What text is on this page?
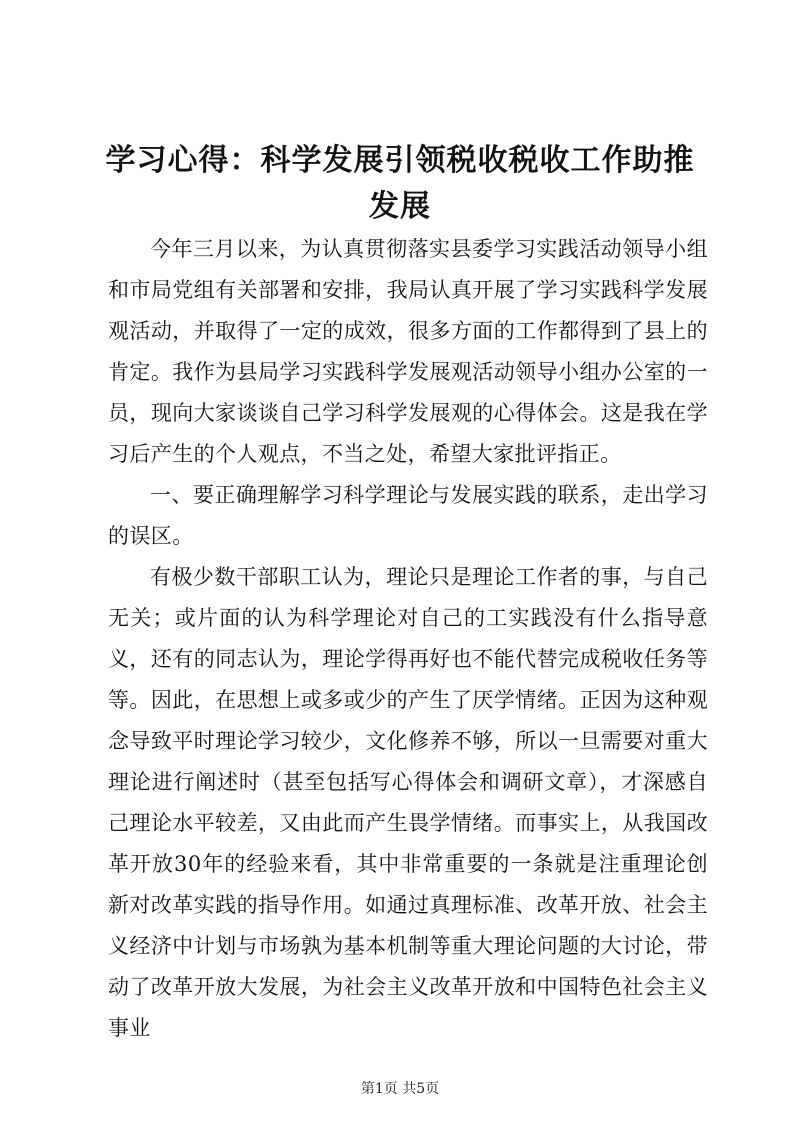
学习心得：科学发展引领税收税收工作助推发展

今年三月以来，为认真贯彻落实县委学习实践活动领导小组和市局党组有关部署和安排，我局认真开展了学习实践科学发展观活动，并取得了一定的成效，很多方面的工作都得到了县上的肯定。我作为县局学习实践科学发展观活动领导小组办公室的一员，现向大家谈谈自己学习科学发展观的心得体会。这是我在学习后产生的个人观点，不当之处，希望大家批评指正。

一、要正确理解学习科学理论与发展实践的联系，走出学习的误区。

有极少数干部职工认为，理论只是理论工作者的事，与自己无关；或片面的认为科学理论对自己的工实践没有什么指导意义，还有的同志认为，理论学得再好也不能代替完成税收任务等等。因此，在思想上或多或少的产生了厌学情绪。正因为这种观念导致平时理论学习较少，文化修养不够，所以一旦需要对重大理论进行阐述时（甚至包括写心得体会和调研文章），才深感自己理论水平较差，又由此而产生畏学情绪。而事实上，从我国改革开放30年的经验来看，其中非常重要的一条就是注重理论创新对改革实践的指导作用。如通过真理标准、改革开放、社会主义经济中计划与市场孰为基本机制等重大理论问题的大讨论，带动了改革开放大发展，为社会主义改革开放和中国特色社会主义事业

第1页 共5页
